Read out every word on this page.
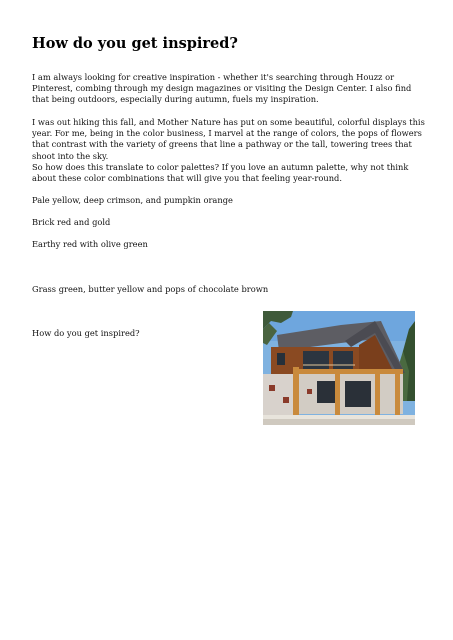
How do you get inspired?

I am always looking for creative inspiration - whether it's searching through Houzz or Pinterest, combing through my design magazines or visiting the Design Center. I also find that being outdoors, especially during autumn, fuels my inspiration.

I was out hiking this fall, and Mother Nature has put on some beautiful, colorful displays this year. For me, being in the color business, I marvel at the range of colors, the pops of flowers that contrast with the variety of greens that line a pathway or the tall, towering trees that shoot into the sky.

So how does this translate to color palettes? If you love an autumn palette, why not think about these color combinations that will give you that feeling year-round.

Pale yellow, deep crimson, and pumpkin orange

Brick red and gold

Earthy red with olive green

Grass green, butter yellow and pops of chocolate brown

How do you get inspired?
